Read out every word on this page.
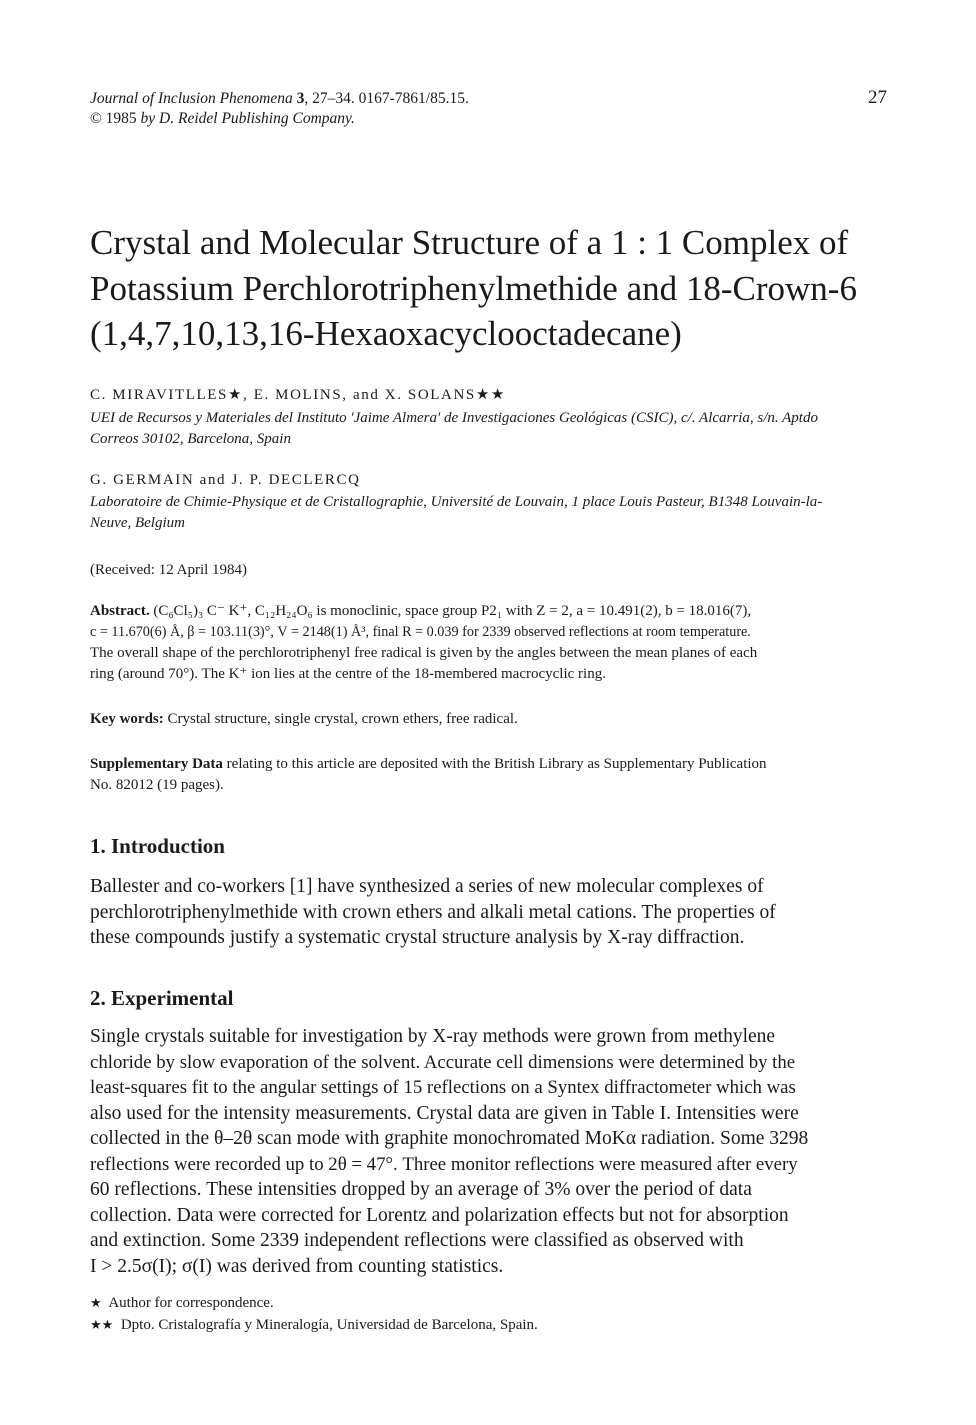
Journal of Inclusion Phenomena 3, 27–34. 0167-7861/85.15.
© 1985 by D. Reidel Publishing Company.
27
Crystal and Molecular Structure of a 1 : 1 Complex of
Potassium Perchlorotriphenylmethide and 18-Crown-6
(1,4,7,10,13,16-Hexaoxacyclooctadecane)
C. MIRAVITLLES★, E. MOLINS, and X. SOLANS★★
UEI de Recursos y Materiales del Instituto 'Jaime Almera' de Investigaciones Geológicas (CSIC), c/. Alcarria, s/n. Aptdo
Correos 30102, Barcelona, Spain
G. GERMAIN and J. P. DECLERCQ
Laboratoire de Chimie-Physique et de Cristallographie, Université de Louvain, 1 place Louis Pasteur, B1348 Louvain-la-
Neuve, Belgium
(Received: 12 April 1984)
Abstract. (C₆Cl₅)₃ C⁻ K⁺, C₁₂H₂₄O₆ is monoclinic, space group P2₁ with Z = 2, a = 10.491(2), b = 18.016(7),
c = 11.670(6) Å, β = 103.11(3)°, V = 2148(1) Å³, final R = 0.039 for 2339 observed reflections at room temperature.
The overall shape of the perchlorotriphenyl free radical is given by the angles between the mean planes of each
ring (around 70°). The K⁺ ion lies at the centre of the 18-membered macrocyclic ring.
Key words: Crystal structure, single crystal, crown ethers, free radical.
Supplementary Data relating to this article are deposited with the British Library as Supplementary Publication
No. 82012 (19 pages).
1. Introduction
Ballester and co-workers [1] have synthesized a series of new molecular complexes of
perchlorotriphenylmethide with crown ethers and alkali metal cations. The properties of
these compounds justify a systematic crystal structure analysis by X-ray diffraction.
2. Experimental
Single crystals suitable for investigation by X-ray methods were grown from methylene
chloride by slow evaporation of the solvent. Accurate cell dimensions were determined by the
least-squares fit to the angular settings of 15 reflections on a Syntex diffractometer which was
also used for the intensity measurements. Crystal data are given in Table I. Intensities were
collected in the θ–2θ scan mode with graphite monochromated MoKα radiation. Some 3298
reflections were recorded up to 2θ = 47°. Three monitor reflections were measured after every
60 reflections. These intensities dropped by an average of 3% over the period of data
collection. Data were corrected for Lorentz and polarization effects but not for absorption
and extinction. Some 2339 independent reflections were classified as observed with
I > 2.5σ(I); σ(I) was derived from counting statistics.
★ Author for correspondence.
★★ Dpto. Cristalografía y Mineralogía, Universidad de Barcelona, Spain.
